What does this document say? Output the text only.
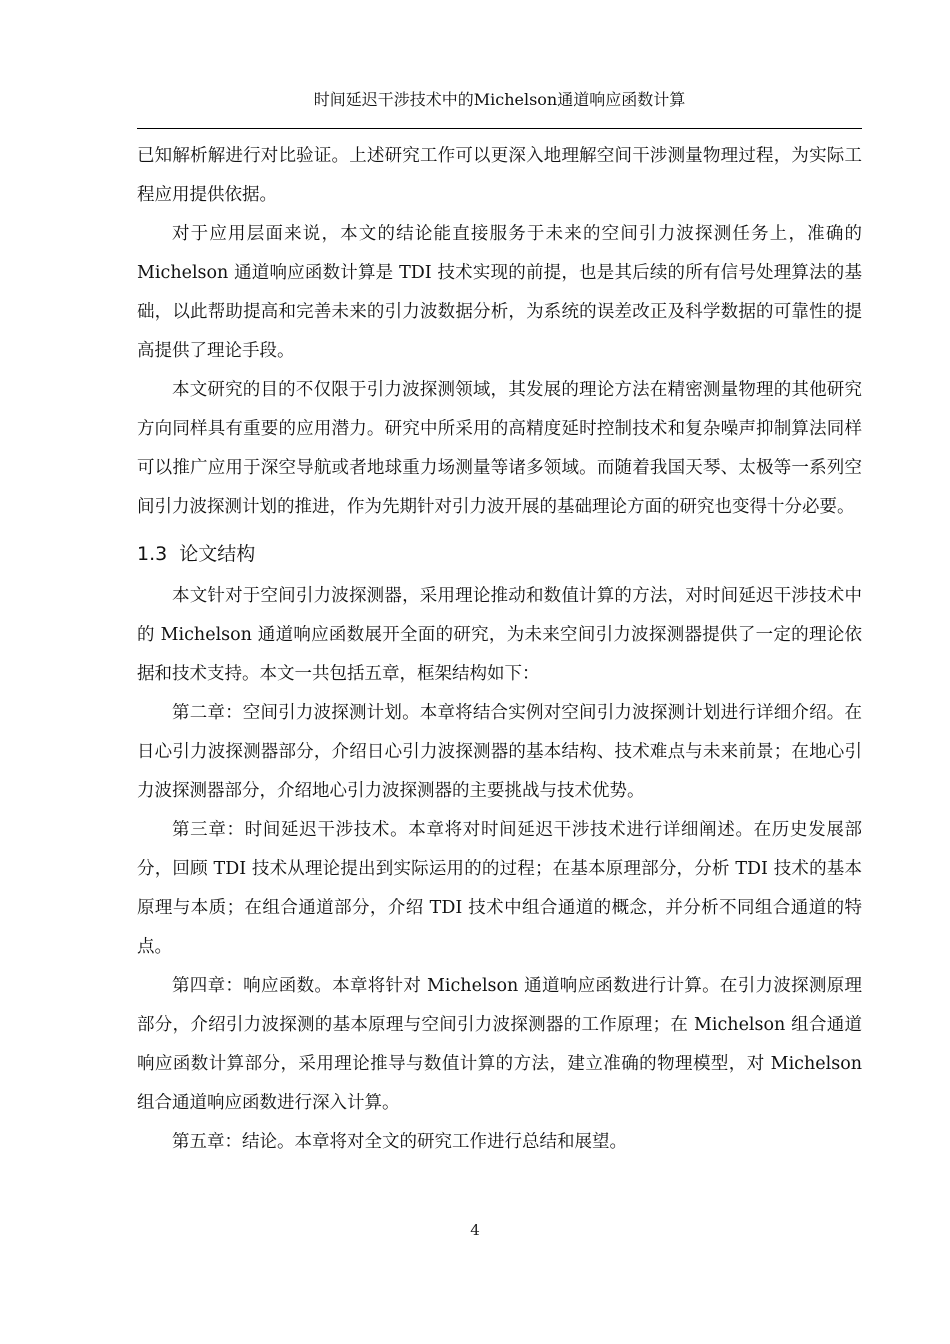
时间延迟干涉技术中的Michelson通道响应函数计算

已知解析解进行对比验证。上述研究工作可以更深入地理解空间干涉测量物理过程，为实际工程应用提供依据。

对于应用层面来说，本文的结论能直接服务于未来的空间引力波探测任务上，准确的 Michelson 通道响应函数计算是 TDI 技术实现的前提，也是其后续的所有信号处理算法的基础，以此帮助提高和完善未来的引力波数据分析，为系统的误差改正及科学数据的可靠性的提高提供了理论手段。

本文研究的目的不仅限于引力波探测领域，其发展的理论方法在精密测量物理的其他研究方向同样具有重要的应用潜力。研究中所采用的高精度延时控制技术和复杂噪声抑制算法同样可以推广应用于深空导航或者地球重力场测量等诸多领域。而随着我国天琴、太极等一系列空间引力波探测计划的推进，作为先期针对引力波开展的基础理论方面的研究也变得十分必要。

1.3 论文结构

本文针对于空间引力波探测器，采用理论推动和数值计算的方法，对时间延迟干涉技术中的 Michelson 通道响应函数展开全面的研究，为未来空间引力波探测器提供了一定的理论依据和技术支持。本文一共包括五章，框架结构如下：

第二章：空间引力波探测计划。本章将结合实例对空间引力波探测计划进行详细介绍。在日心引力波探测器部分，介绍日心引力波探测器的基本结构、技术难点与未来前景；在地心引力波探测器部分，介绍地心引力波探测器的主要挑战与技术优势。

第三章：时间延迟干涉技术。本章将对时间延迟干涉技术进行详细阐述。在历史发展部分，回顾 TDI 技术从理论提出到实际运用的的过程；在基本原理部分，分析 TDI 技术的基本原理与本质；在组合通道部分，介绍 TDI 技术中组合通道的概念，并分析不同组合通道的特点。

第四章：响应函数。本章将针对 Michelson 通道响应函数进行计算。在引力波探测原理部分，介绍引力波探测的基本原理与空间引力波探测器的工作原理；在 Michelson 组合通道响应函数计算部分，采用理论推导与数值计算的方法，建立准确的物理模型，对 Michelson 组合通道响应函数进行深入计算。

第五章：结论。本章将对全文的研究工作进行总结和展望。

4
